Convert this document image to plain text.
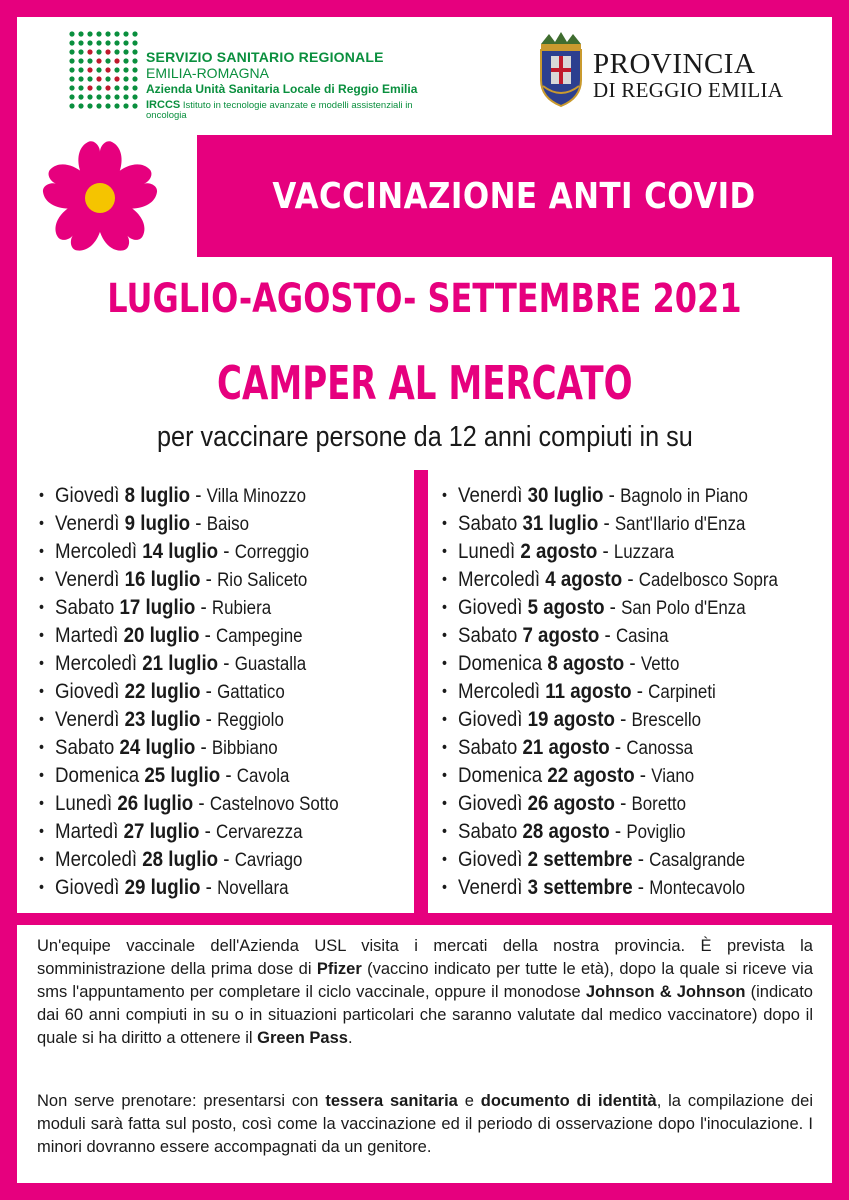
SERVIZIO SANITARIO REGIONALE
EMILIA-ROMAGNA
Azienda Unità Sanitaria Locale di Reggio Emilia
IRCCS Istituto in tecnologie avanzate e modelli assistenziali in oncologia
PROVINCIA
DI REGGIO EMILIA
VACCINAZIONE ANTI COVID
LUGLIO-AGOSTO- SETTEMBRE 2021
CAMPER AL MERCATO
per vaccinare persone da 12 anni compiuti in su
• Giovedì 8 luglio - Villa Minozzo
• Venerdì 9 luglio - Baiso
• Mercoledì 14 luglio - Correggio
• Venerdì 16 luglio - Rio Saliceto
• Sabato 17 luglio - Rubiera
• Martedì 20 luglio - Campegine
• Mercoledì 21 luglio - Guastalla
• Giovedì 22 luglio - Gattatico
• Venerdì 23 luglio - Reggiolo
• Sabato 24 luglio - Bibbiano
• Domenica 25 luglio - Cavola
• Lunedì 26 luglio - Castelnovo Sotto
• Martedì 27 luglio - Cervarezza
• Mercoledì 28 luglio - Cavriago
• Giovedì 29 luglio - Novellara
• Venerdì 30 luglio - Bagnolo in Piano
• Sabato 31 luglio - Sant'Ilario d'Enza
• Lunedì 2 agosto - Luzzara
• Mercoledì 4 agosto - Cadelbosco Sopra
• Giovedì 5 agosto - San Polo d'Enza
• Sabato 7 agosto - Casina
• Domenica 8 agosto - Vetto
• Mercoledì 11 agosto - Carpineti
• Giovedì 19 agosto - Brescello
• Sabato 21 agosto - Canossa
• Domenica 22 agosto - Viano
• Giovedì 26 agosto - Boretto
• Sabato 28 agosto - Poviglio
• Giovedì 2 settembre - Casalgrande
• Venerdì 3 settembre - Montecavolo

Un'equipe vaccinale dell'Azienda USL visita i mercati della nostra provincia. È prevista la somministrazione della prima dose di Pfizer (vaccino indicato per tutte le età), dopo la quale si riceve via sms l'appuntamento per completare il ciclo vaccinale, oppure il monodose Johnson & Johnson (indicato dai 60 anni compiuti in su o in situazioni particolari che saranno valutate dal medico vaccinatore) dopo il quale si ha diritto a ottenere il Green Pass.

Non serve prenotare: presentarsi con tessera sanitaria e documento di identità, la compilazione dei moduli sarà fatta sul posto, così come la vaccinazione ed il periodo di osservazione dopo l'inoculazione. I minori dovranno essere accompagnati da un genitore.
